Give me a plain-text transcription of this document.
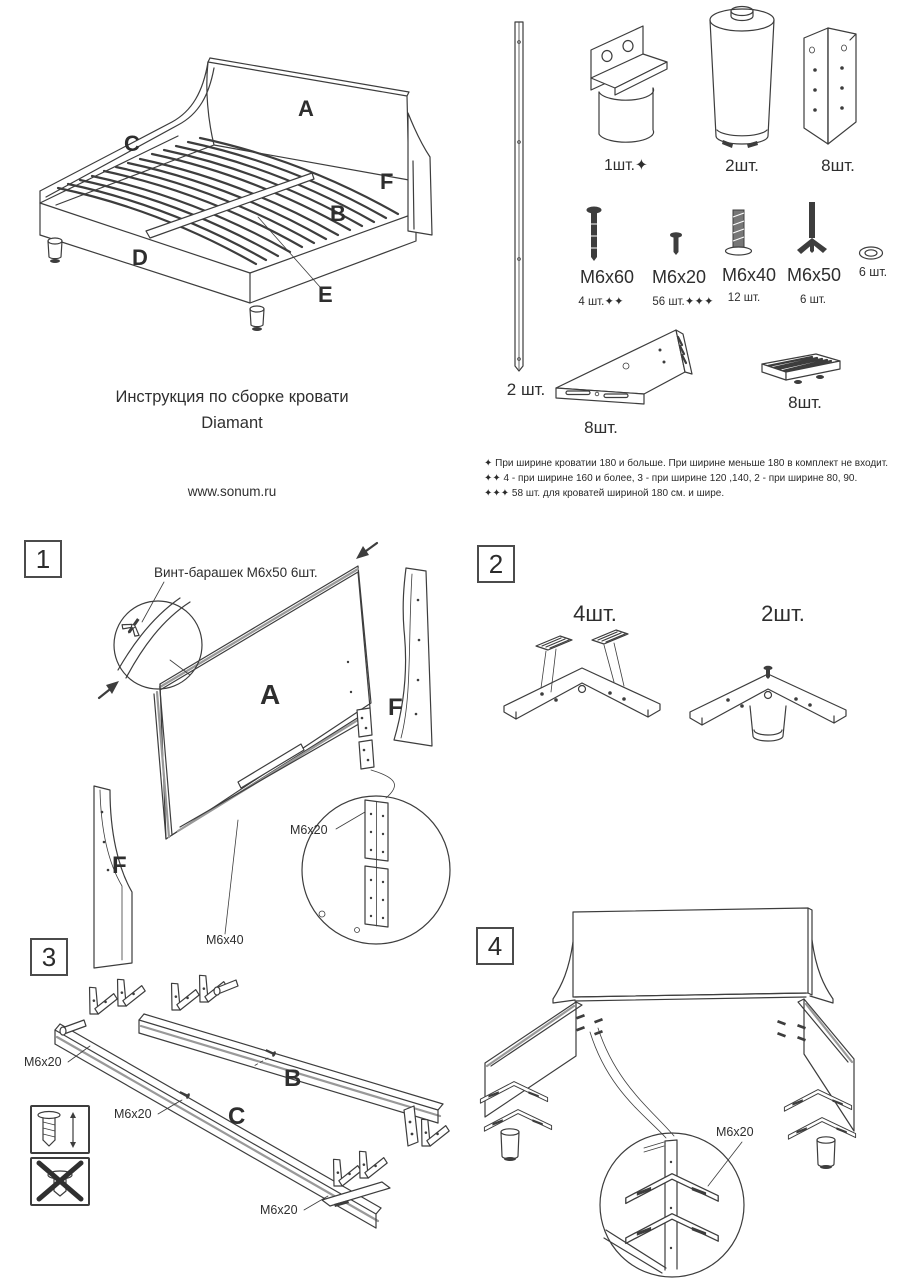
A
C
F
B
D
E
Инструкция по сборке кровати
Diamant
www.sonum.ru
2 шт.
1шт.✦	2шт.	8шт.
M6x60
4 шт.✦✦
M6x20
56 шт.✦✦✦
M6x40
12 шт.
M6x50
6 шт.
6 шт.
8шт.
8шт.
✦ При ширине кроватии 180 и больше. При ширине меньше 180 в комплект не входит.
✦✦ 4 - при ширине 160 и более, 3 - при ширине 120 ,140, 2 - при ширине 80, 90.
✦✦✦ 58 шт. для кроватей шириной 180 см. и шире.
1	Винт-барашек М6х50 6шт.
A	F
F
M6x20
M6x40
2
4шт.	2шт.
3
M6x20
M6x20
M6x20
B
C
4
M6x20
